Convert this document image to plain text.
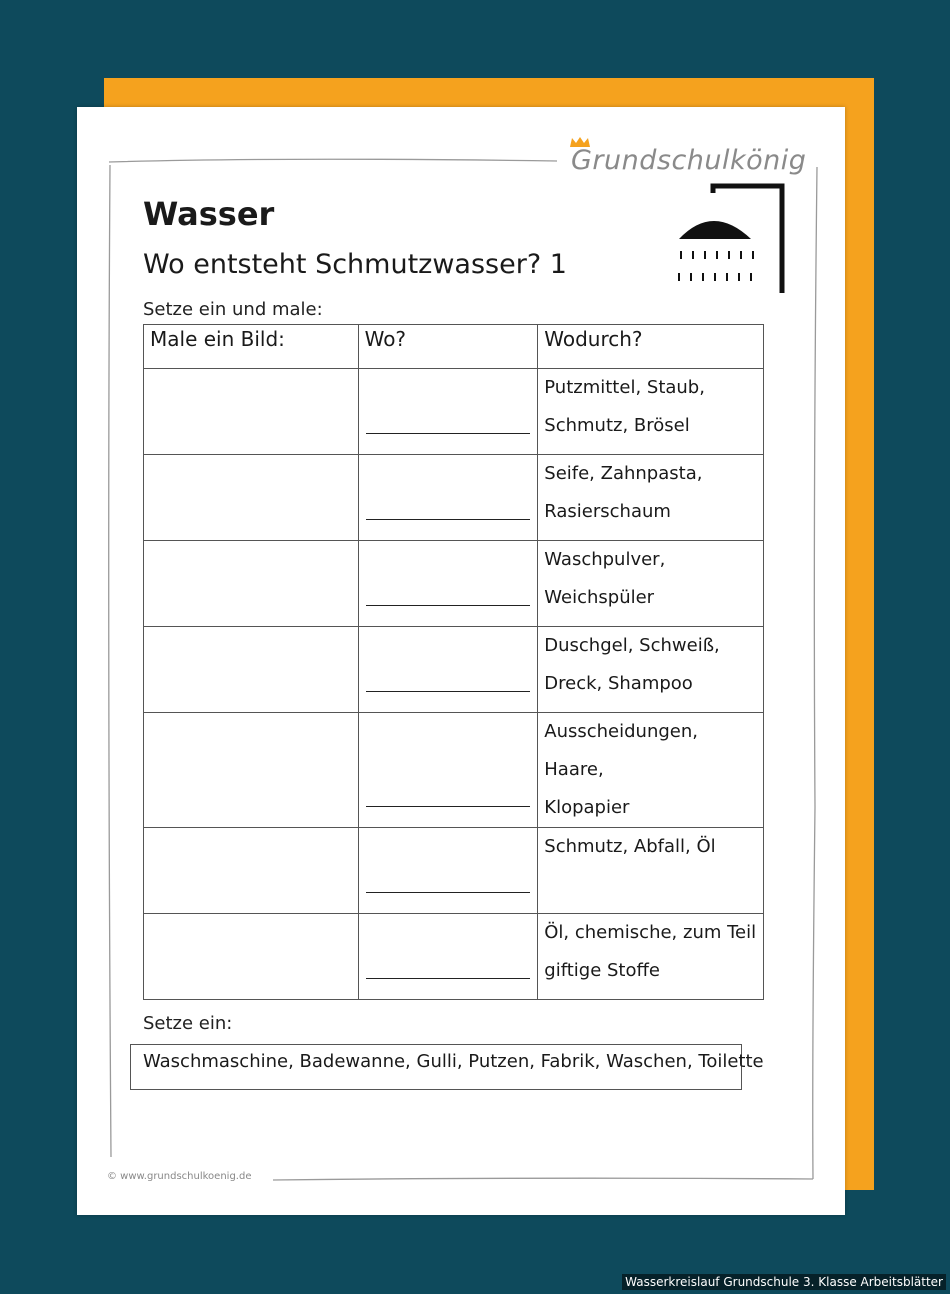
Grundschulkönig
Wasser
Wo entsteht Schmutzwasser? 1
Setze ein und male:
Male ein Bild:	Wo?	Wodurch?

		Putzmittel, Staub,
Schmutz, Brösel

		Seife, Zahnpasta,
Rasierschaum

		Waschpulver,
Weichspüler

		Duschgel, Schweiß,
Dreck, Shampoo

		Ausscheidungen, Haare,
Klopapier

		Schmutz, Abfall, Öl

		Öl, chemische, zum Teil
giftige Stoffe
Setze ein:
Waschmaschine, Badewanne, Gulli, Putzen, Fabrik, Waschen, Toilette
© www.grundschulkoenig.de
Wasserkreislauf Grundschule 3. Klasse Arbeitsblätter
